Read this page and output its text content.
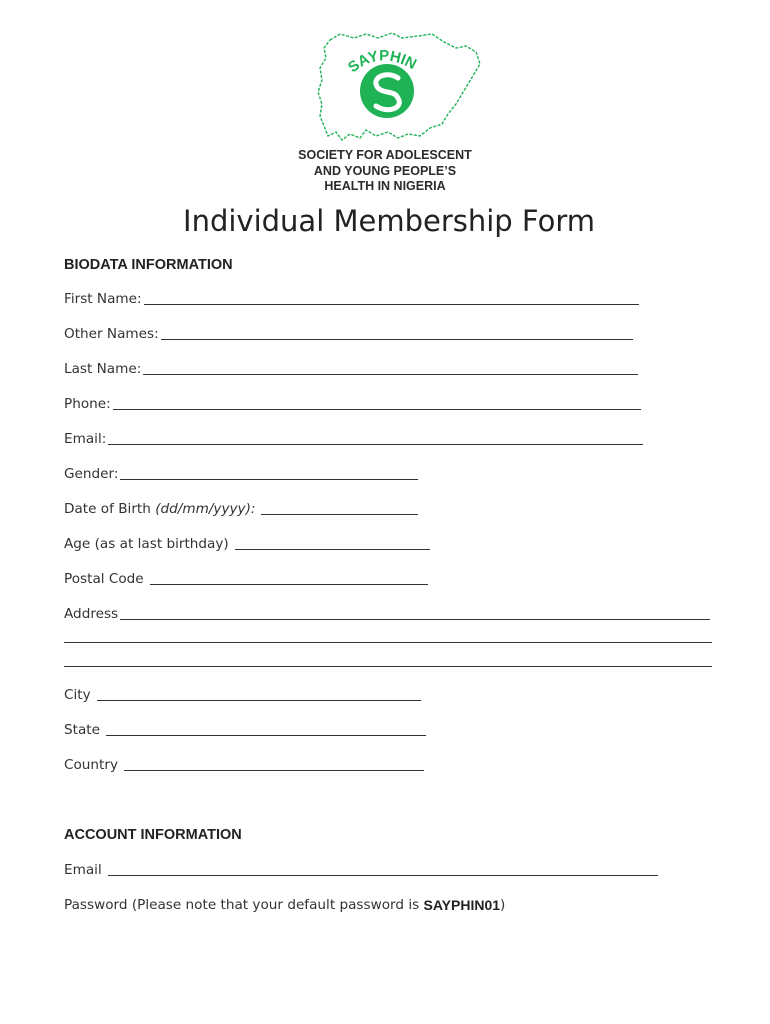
SAYPHIN
SOCIETY FOR ADOLESCENT
AND YOUNG PEOPLE’S
HEALTH IN NIGERIA
Individual Membership Form
BIODATA INFORMATION
First Name:
Other Names:
Last Name:
Phone:
Email:
Gender:
Date of Birth
(dd/mm/yyyy):
Age (as at last birthday)
Postal Code
Address
City
State
Country
ACCOUNT INFORMATION
Email
Password (Please note that your default password is
SAYPHIN01 )
